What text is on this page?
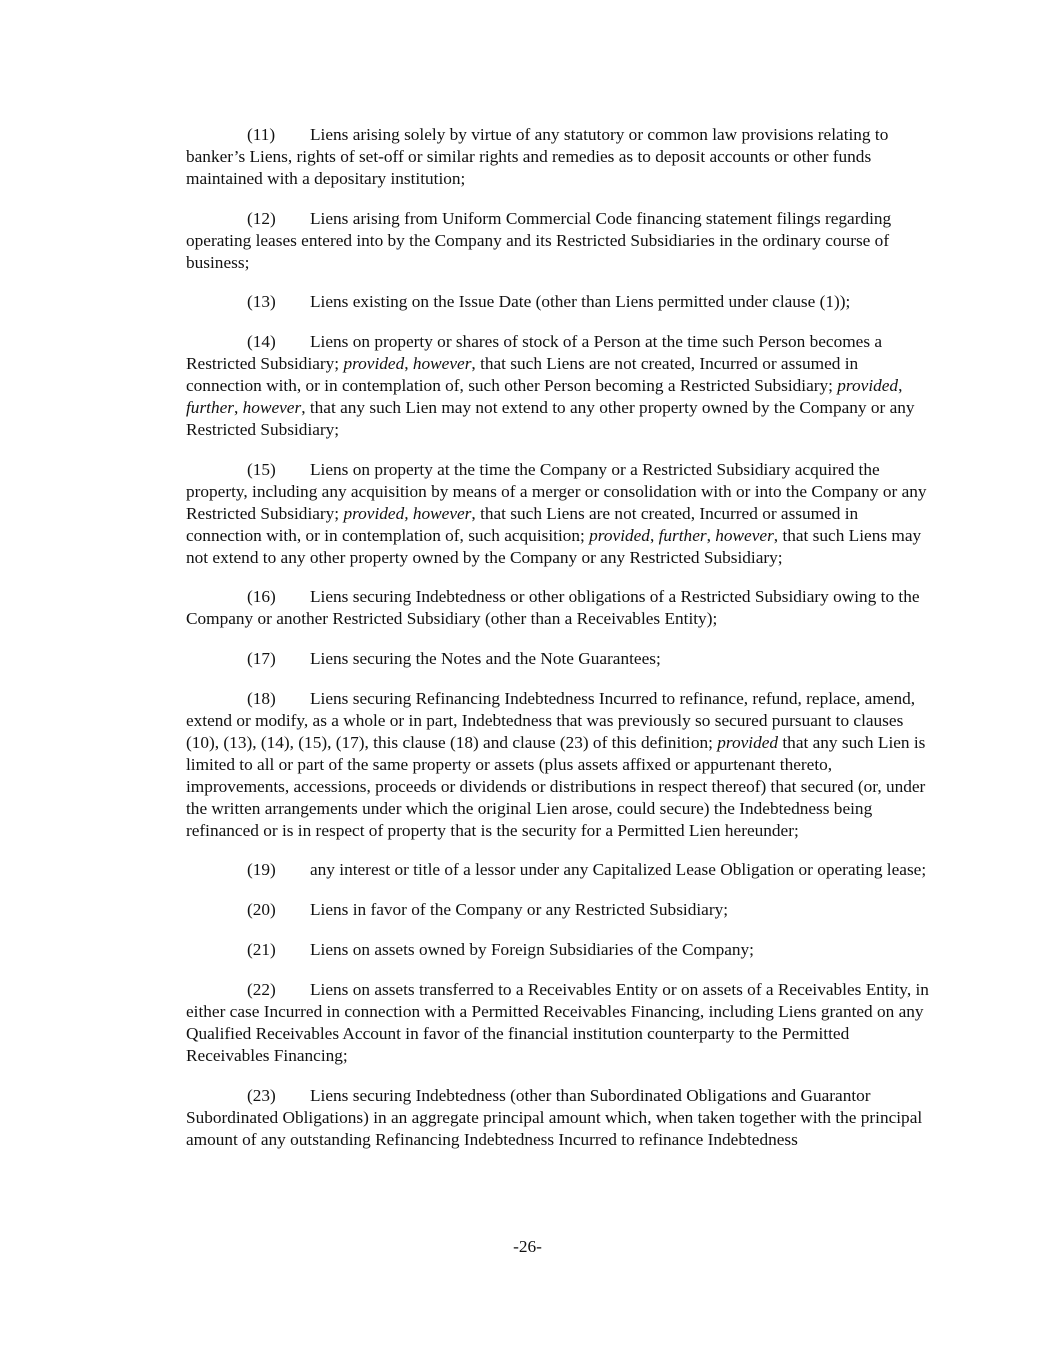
(11) Liens arising solely by virtue of any statutory or common law provisions relating to banker’s Liens, rights of set-off or similar rights and remedies as to deposit accounts or other funds maintained with a depositary institution;

(12) Liens arising from Uniform Commercial Code financing statement filings regarding operating leases entered into by the Company and its Restricted Subsidiaries in the ordinary course of business;

(13) Liens existing on the Issue Date (other than Liens permitted under clause (1));

(14) Liens on property or shares of stock of a Person at the time such Person becomes a Restricted Subsidiary; provided, however, that such Liens are not created, Incurred or assumed in connection with, or in contemplation of, such other Person becoming a Restricted Subsidiary; provided, further, however, that any such Lien may not extend to any other property owned by the Company or any Restricted Subsidiary;

(15) Liens on property at the time the Company or a Restricted Subsidiary acquired the property, including any acquisition by means of a merger or consolidation with or into the Company or any Restricted Subsidiary; provided, however, that such Liens are not created, Incurred or assumed in connection with, or in contemplation of, such acquisition; provided, further, however, that such Liens may not extend to any other property owned by the Company or any Restricted Subsidiary;

(16) Liens securing Indebtedness or other obligations of a Restricted Subsidiary owing to the Company or another Restricted Subsidiary (other than a Receivables Entity);

(17) Liens securing the Notes and the Note Guarantees;

(18) Liens securing Refinancing Indebtedness Incurred to refinance, refund, replace, amend, extend or modify, as a whole or in part, Indebtedness that was previously so secured pursuant to clauses (10), (13), (14), (15), (17), this clause (18) and clause (23) of this definition; provided that any such Lien is limited to all or part of the same property or assets (plus assets affixed or appurtenant thereto, improvements, accessions, proceeds or dividends or distributions in respect thereof) that secured (or, under the written arrangements under which the original Lien arose, could secure) the Indebtedness being refinanced or is in respect of property that is the security for a Permitted Lien hereunder;

(19) any interest or title of a lessor under any Capitalized Lease Obligation or operating lease;

(20) Liens in favor of the Company or any Restricted Subsidiary;

(21) Liens on assets owned by Foreign Subsidiaries of the Company;

(22) Liens on assets transferred to a Receivables Entity or on assets of a Receivables Entity, in either case Incurred in connection with a Permitted Receivables Financing, including Liens granted on any Qualified Receivables Account in favor of the financial institution counterparty to the Permitted Receivables Financing;

(23) Liens securing Indebtedness (other than Subordinated Obligations and Guarantor Subordinated Obligations) in an aggregate principal amount which, when taken together with the principal amount of any outstanding Refinancing Indebtedness Incurred to refinance Indebtedness

-26-
